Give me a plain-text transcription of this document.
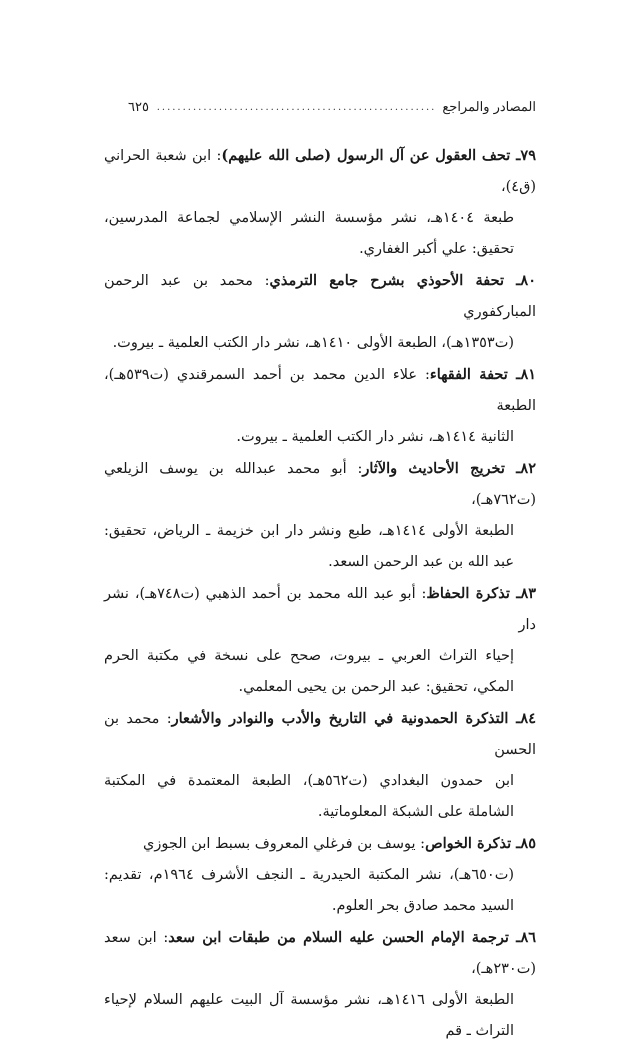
المصادر والمراجع
.....
٦٢٥

٧٩ـ تحف العقول عن آل الرسول (صلى الله عليهم): ابن شعبة الحراني (ق٤)،
طبعة ١٤٠٤هـ، نشر مؤسسة النشر الإسلامي لجماعة المدرسين، تحقيق: علي أكبر الغفاري.

٨٠ـ تحفة الأحوذي بشرح جامع الترمذي: محمد بن عبد الرحمن المباركفوري
(ت١٣٥٣هـ)، الطبعة الأولى ١٤١٠هـ، نشر دار الكتب العلمية ـ بيروت.

٨١ـ تحفة الفقهاء: علاء الدين محمد بن أحمد السمرقندي (ت٥٣٩هـ)، الطبعة
الثانية ١٤١٤هـ، نشر دار الكتب العلمية ـ بيروت.

٨٢ـ تخريج الأحاديث والآثار: أبو محمد عبدالله بن يوسف الزيلعي (ت٧٦٢هـ)،
الطبعة الأولى ١٤١٤هـ، طبع ونشر دار ابن خزيمة ـ الرياض، تحقيق: عبد الله بن عبد الرحمن السعد.

٨٣ـ تذكرة الحفاظ: أبو عبد الله محمد بن أحمد الذهبي (ت٧٤٨هـ)، نشر دار
إحياء التراث العربي ـ بيروت، صحح على نسخة في مكتبة الحرم المكي، تحقيق: عبد الرحمن بن يحيى المعلمي.

٨٤ـ التذكرة الحمدونية في التاريخ والأدب والنوادر والأشعار: محمد بن الحسن
ابن حمدون البغدادي (ت٥٦٢هـ)، الطبعة المعتمدة في المكتبة الشاملة على الشبكة المعلوماتية.

٨٥ـ تذكرة الخواص: يوسف بن فرغلي المعروف بسبط ابن الجوزي
(ت٦٥٠هـ)، نشر المكتبة الحيدرية ـ النجف الأشرف ١٩٦٤م، تقديم: السيد محمد صادق بحر العلوم.

٨٦ـ ترجمة الإمام الحسن عليه السلام من طبقات ابن سعد: ابن سعد (ت٢٣٠هـ)،
الطبعة الأولى ١٤١٦هـ، نشر مؤسسة آل البيت عليهم السلام لإحياء التراث ـ قم
